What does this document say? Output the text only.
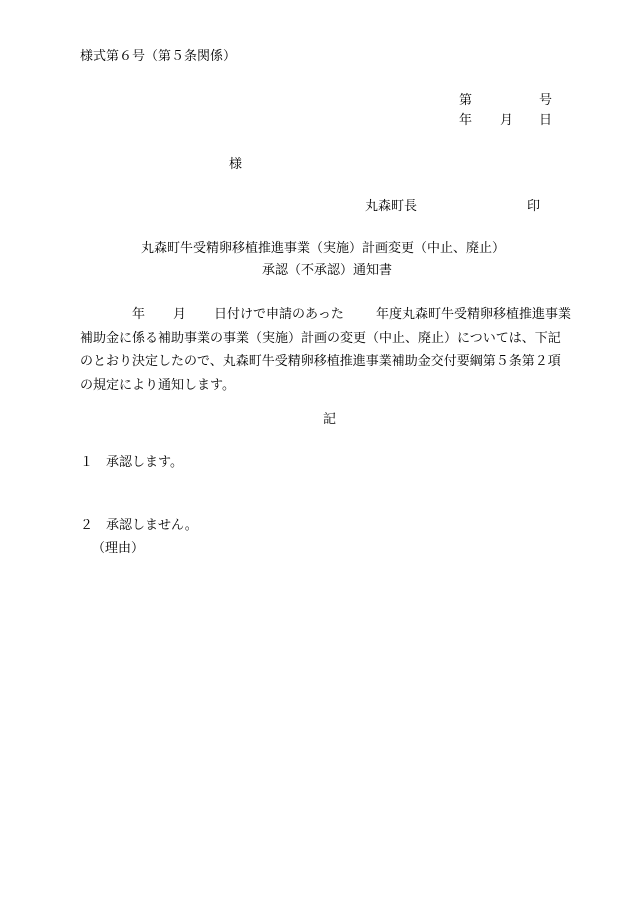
様式第６号（第５条関係）
第	号
年 月 日
様
丸森町長	印
丸森町牛受精卵移植推進事業（実施）計画変更（中止、廃止）
承認（不承認）通知書
年 月 日付けで申請のあった 年度丸森町牛受精卵移植推進事業
補助金に係る補助事業の事業（実施）計画の変更（中止、廃止）については、下記
のとおり決定したので、丸森町牛受精卵移植推進事業補助金交付要綱第５条第２項
の規定により通知します。
記
１ 承認します。
２ 承認しません。
（理由）
